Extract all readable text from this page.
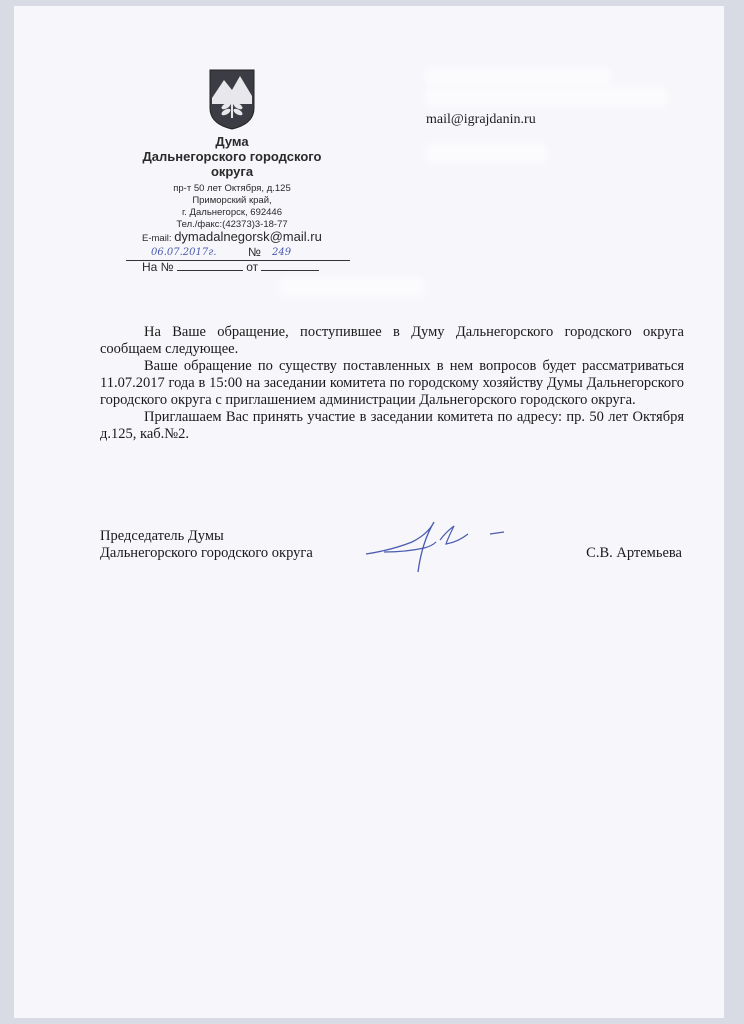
Дума
Дальнегорского городского
округа
пр-т 50 лет Октября, д.125
Приморский край,
г. Дальнегорск, 692446
Тел./факс:(42373)3-18-77
E-mail: dymadalnegorsk@mail.ru
06.07.2017г.	№ 249
На №	от
mail@igrajdanin.ru

На Ваше обращение, поступившее в Думу Дальнегорского городского округа сообщаем следующее.

Ваше обращение по существу поставленных в нем вопросов будет рассматриваться 11.07.2017 года в 15:00 на заседании комитета по городскому хозяйству Думы Дальнегорского городского округа с приглашением администрации Дальнегорского городского округа.

Приглашаем Вас принять участие в заседании комитета по адресу: пр. 50 лет Октября д.125, каб.№2.

Председатель Думы
Дальнегорского городского округа	С.В. Артемьева
